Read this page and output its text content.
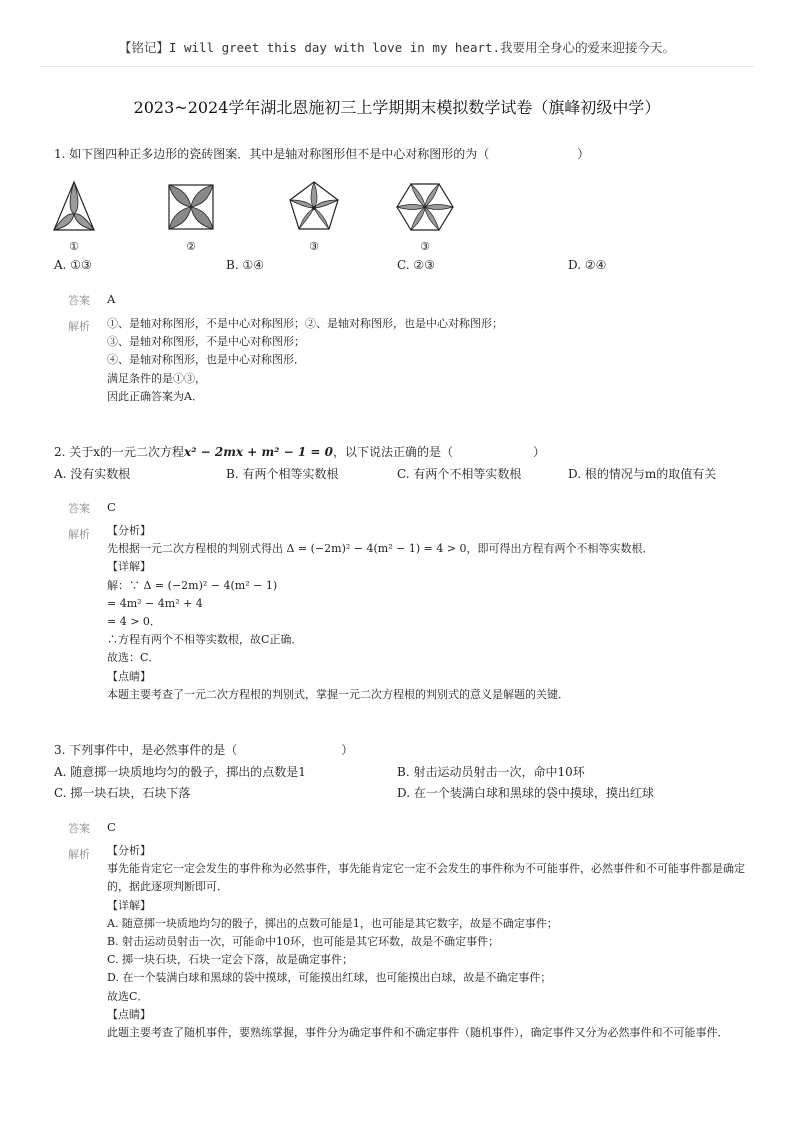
【铭记】I will greet this day with love in my heart.我要用全身心的爱来迎接今天。
2023~2024学年湖北恩施初三上学期期末模拟数学试卷（旗峰初级中学）
1. 如下图四种正多边形的瓷砖图案．其中是轴对称图形但不是中心对称图形的为（	）
①	②	③	③
A. ①③	B. ①④	C. ②③	D. ②④
答案 A
解析 ①、是轴对称图形，不是中心对称图形；②、是轴对称图形，也是中心对称图形；
③、是轴对称图形，不是中心对称图形；
④、是轴对称图形，也是中心对称图形．
满足条件的是①③，
因此正确答案为A．
2. 关于x的一元二次方程x² − 2mx + m² − 1 = 0，以下说法正确的是（	）
A. 没有实数根	B. 有两个相等实数根	C. 有两个不相等实数根	D. 根的情况与m的取值有关
答案 C
解析 【分析】
先根据一元二次方程根的判别式得出 Δ = (−2m)² − 4(m² − 1) = 4 > 0，即可得出方程有两个不相等实数根．
【详解】
解：∵ Δ = (−2m)² − 4(m² − 1)
= 4m² − 4m² + 4
= 4 > 0．
∴方程有两个不相等实数根，故C正确．
故选：C．
【点睛】
本题主要考查了一元二次方程根的判别式，掌握一元二次方程根的判别式的意义是解题的关键．
3. 下列事件中，是必然事件的是（	）
A. 随意掷一块质地均匀的骰子，掷出的点数是1	B. 射击运动员射击一次，命中10环
C. 掷一块石块，石块下落	D. 在一个装满白球和黑球的袋中摸球，摸出红球
答案 C
解析 【分析】
事先能肯定它一定会发生的事件称为必然事件，事先能肯定它一定不会发生的事件称为不可能事件，必然事件和不可能事件都是确定
的，据此逐项判断即可．
【详解】
A. 随意掷一块质地均匀的骰子，掷出的点数可能是1，也可能是其它数字，故是不确定事件；
B. 射击运动员射击一次，可能命中10环，也可能是其它环数，故是不确定事件；
C. 掷一块石块，石块一定会下落，故是确定事件；
D. 在一个装满白球和黑球的袋中摸球，可能摸出红球，也可能摸出白球，故是不确定事件；
故选C．
【点睛】
此题主要考查了随机事件，要熟练掌握，事件分为确定事件和不确定事件（随机事件），确定事件又分为必然事件和不可能事件．
